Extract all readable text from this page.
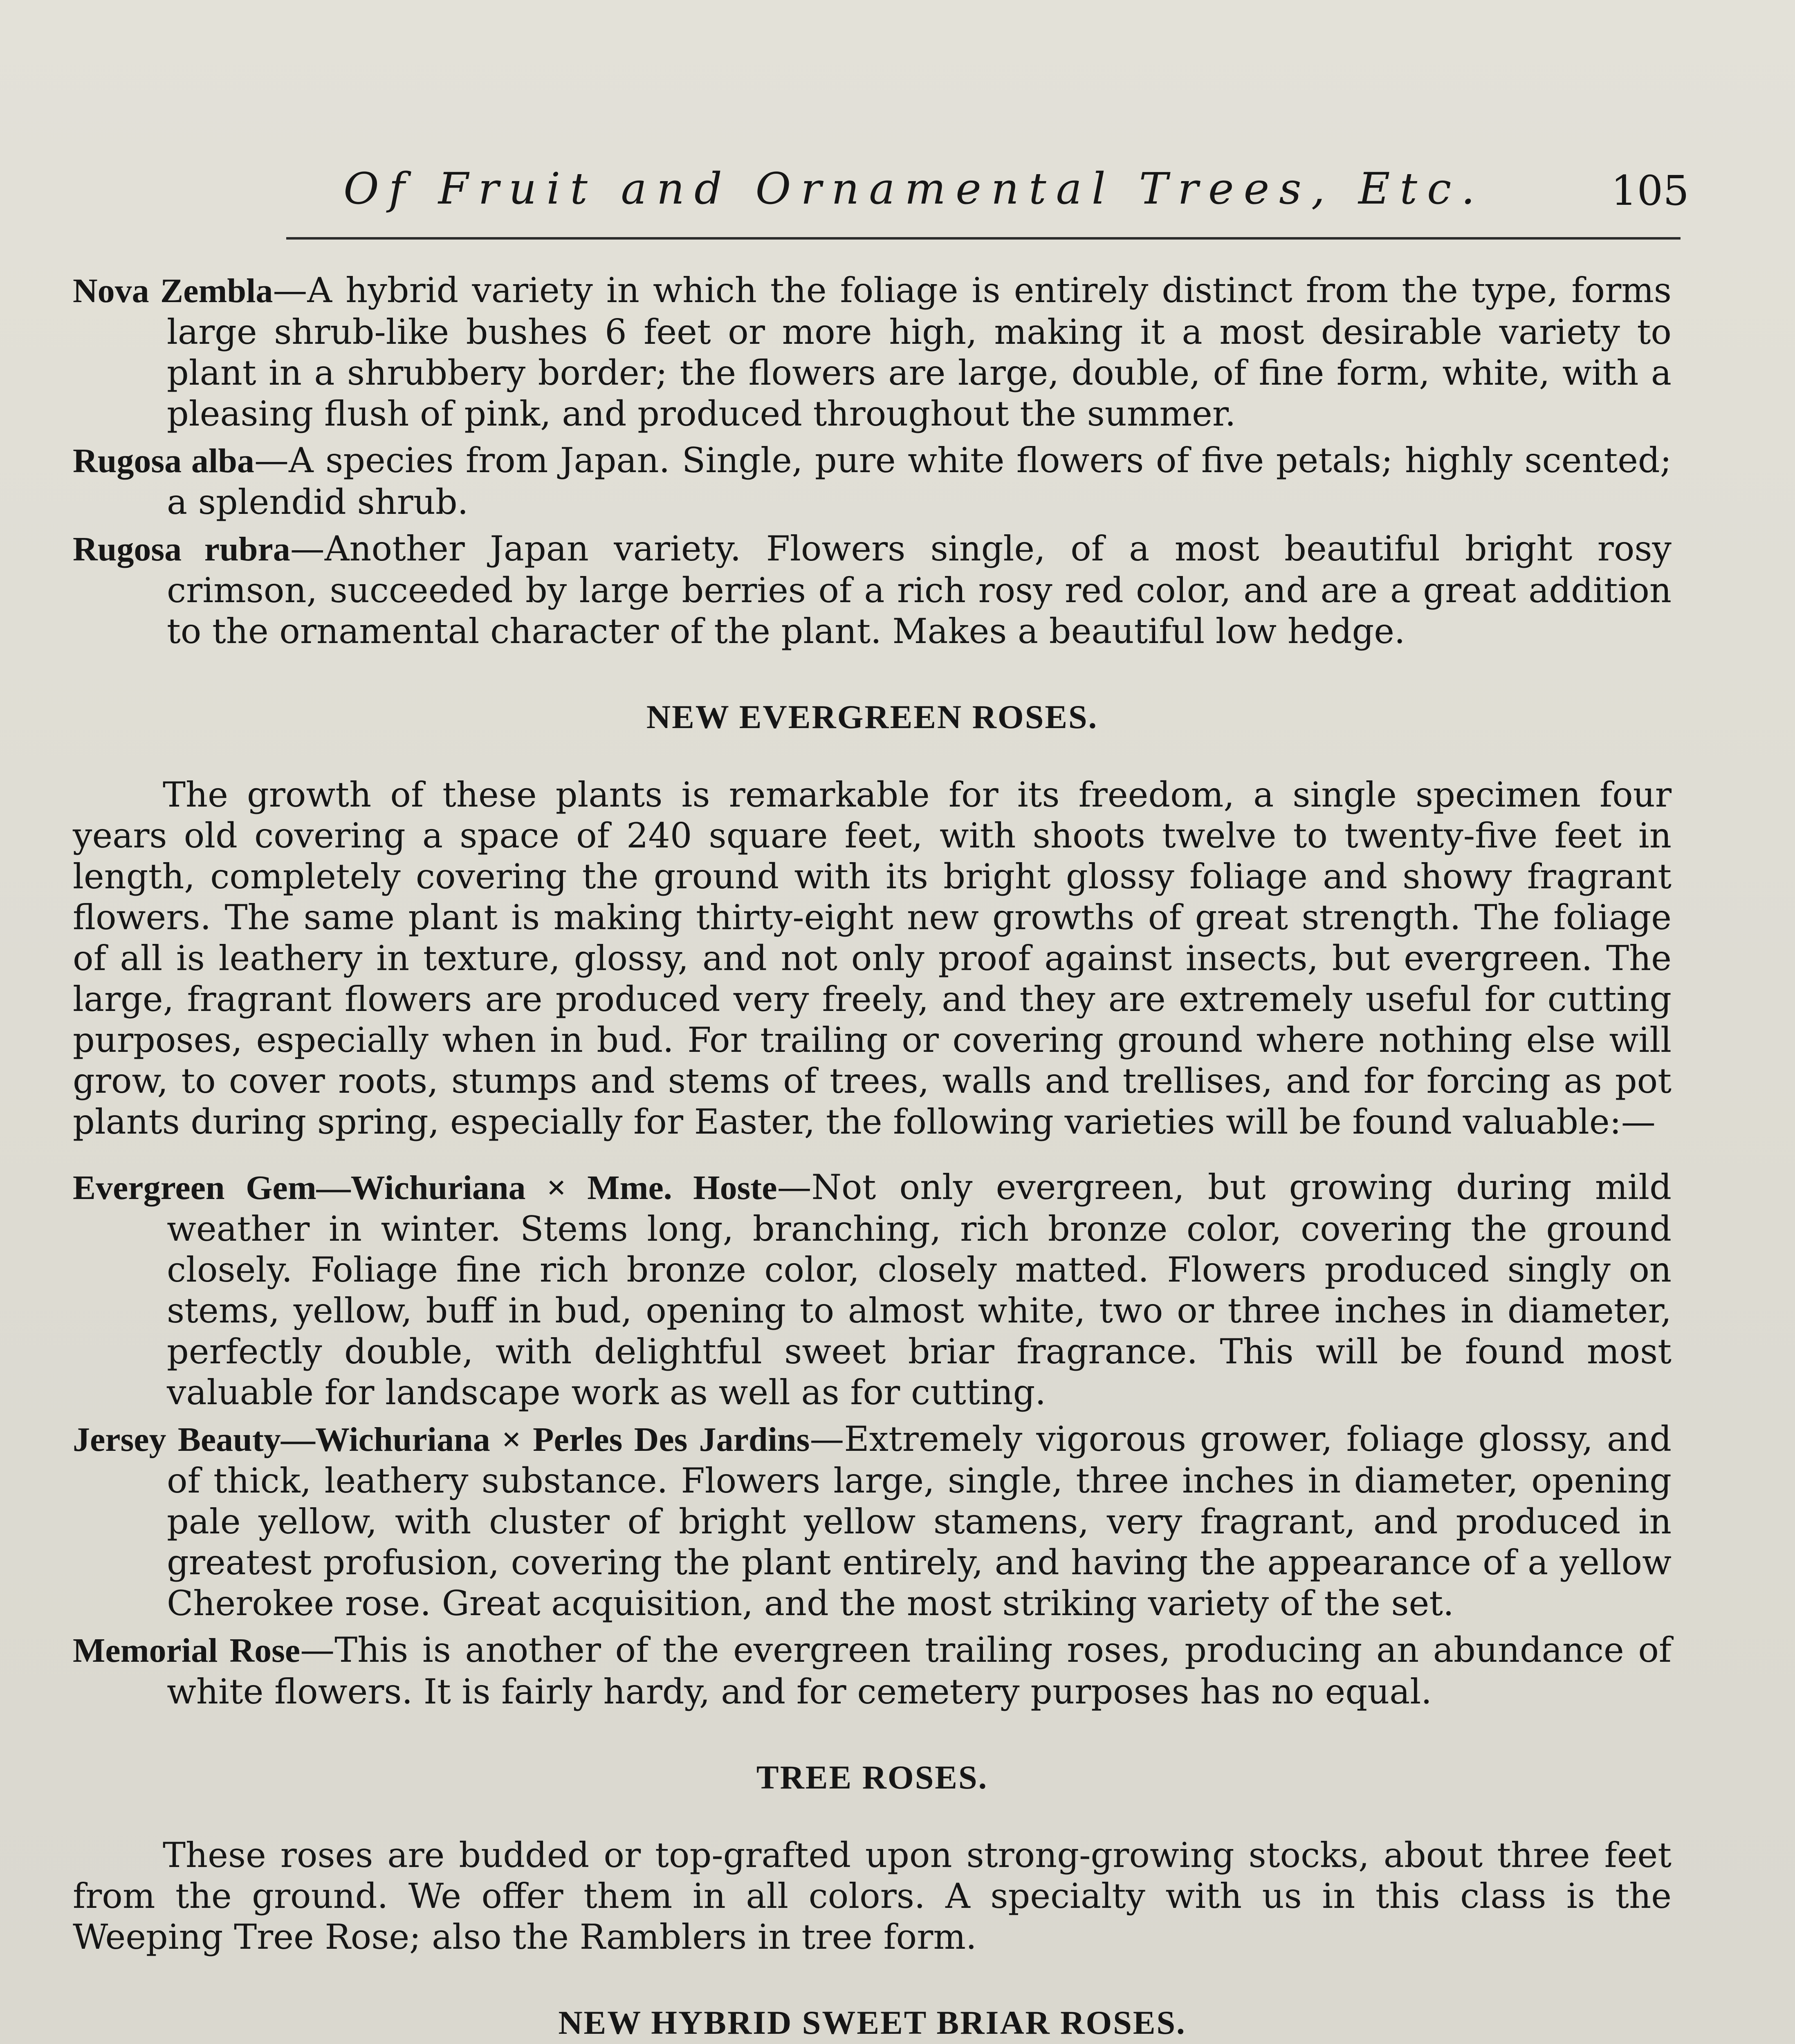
Of Fruit and Ornamental Trees, Etc.	105

Nova Zembla—A hybrid variety in which the foliage is entirely distinct from the type, forms large shrub-like bushes 6 feet or more high, making it a most desirable variety to plant in a shrubbery border; the flowers are large, double, of fine form, white, with a pleasing flush of pink, and produced throughout the summer.

Rugosa alba—A species from Japan. Single, pure white flowers of five petals; highly scented; a splendid shrub.

Rugosa rubra—Another Japan variety. Flowers single, of a most beautiful bright rosy crimson, succeeded by large berries of a rich rosy red color, and are a great addition to the ornamental character of the plant. Makes a beautiful low hedge.

NEW EVERGREEN ROSES.

The growth of these plants is remarkable for its freedom, a single specimen four years old covering a space of 240 square feet, with shoots twelve to twenty-five feet in length, completely covering the ground with its bright glossy foliage and showy fragrant flowers. The same plant is making thirty-eight new growths of great strength. The foliage of all is leathery in texture, glossy, and not only proof against insects, but evergreen. The large, fragrant flowers are produced very freely, and they are extremely useful for cutting purposes, especially when in bud. For trailing or covering ground where nothing else will grow, to cover roots, stumps and stems of trees, walls and trellises, and for forcing as pot plants during spring, especially for Easter, the following varieties will be found valuable:—

Evergreen Gem—Wichuriana × Mme. Hoste—Not only evergreen, but growing during mild weather in winter. Stems long, branching, rich bronze color, covering the ground closely. Foliage fine rich bronze color, closely matted. Flowers produced singly on stems, yellow, buff in bud, opening to almost white, two or three inches in diameter, perfectly double, with delightful sweet briar fragrance. This will be found most valuable for landscape work as well as for cutting.

Jersey Beauty—Wichuriana × Perles Des Jardins—Extremely vigorous grower, foliage glossy, and of thick, leathery substance. Flowers large, single, three inches in diameter, opening pale yellow, with cluster of bright yellow stamens, very fragrant, and produced in greatest profusion, covering the plant entirely, and having the appearance of a yellow Cherokee rose. Great acquisition, and the most striking variety of the set.

Memorial Rose—This is another of the evergreen trailing roses, producing an abundance of white flowers. It is fairly hardy, and for cemetery purposes has no equal.

TREE ROSES.

These roses are budded or top-grafted upon strong-growing stocks, about three feet from the ground. We offer them in all colors. A specialty with us in this class is the Weeping Tree Rose; also the Ramblers in tree form.

NEW HYBRID SWEET BRIAR ROSES.
